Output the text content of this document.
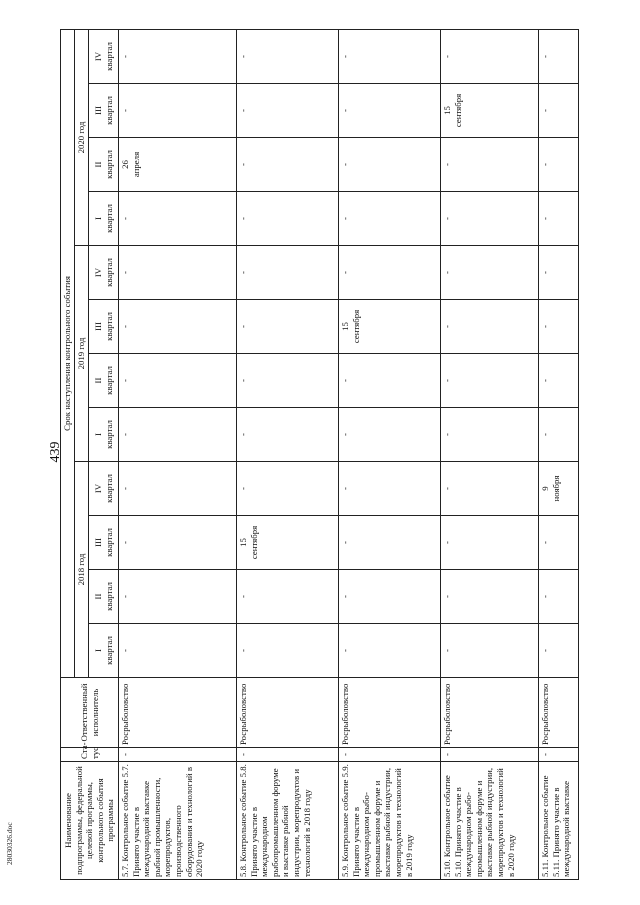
439
28030326.doc	Наименование подпрограммы, федеральной целевой программы, контрольного события программы	Ста-тус	Ответственный исполнитель	Срок наступления контрольного события											
			2018 год				2019 год				2020 год			

			I квартал	II квартал	III квартал	IV квартал	I квартал	II квартал	III квартал	IV квартал	I квартал	II квартал	III квартал	IV квартал

5.7. Контрольное событие 5.7. Принято участие в международной выставке рыбной промышленности, морепродуктов, производственного оборудования и технологий в 2020 году	-	Росрыболовство	-	-	-	-	-	-	-	-	-	26 апреля	-	-

5.8. Контрольное событие 5.8. Принято участие в международном рыбопромышленном форуме и выставке рыбной индустрии, морепродуктов и технологий в 2018 году	-	Росрыболовство	-	-	15 сентября	-	-	-	-	-	-	-	-	-

5.9. Контрольное событие 5.9. Принято участие в международном рыбо-промышленном форуме и выставке рыбной индустрии, морепродуктов и технологий в 2019 году	-	Росрыболовство	-	-	-	-	-	-	15 сентября	-	-	-	-	-

5.10. Контрольное событие 5.10. Принято участие в международном рыбо-промышленном форуме и выставке рыбной индустрии, морепродуктов и технологий в 2020 году	-	Росрыболовство	-	-	-	-	-	-	-	-	-	-	15 сентября	-

5.11. Контрольное событие 5.11. Принято участие в международной выставке	-	Росрыболовство	-	-	-	9 ноября	-	-	-	-	-	-	-	-
